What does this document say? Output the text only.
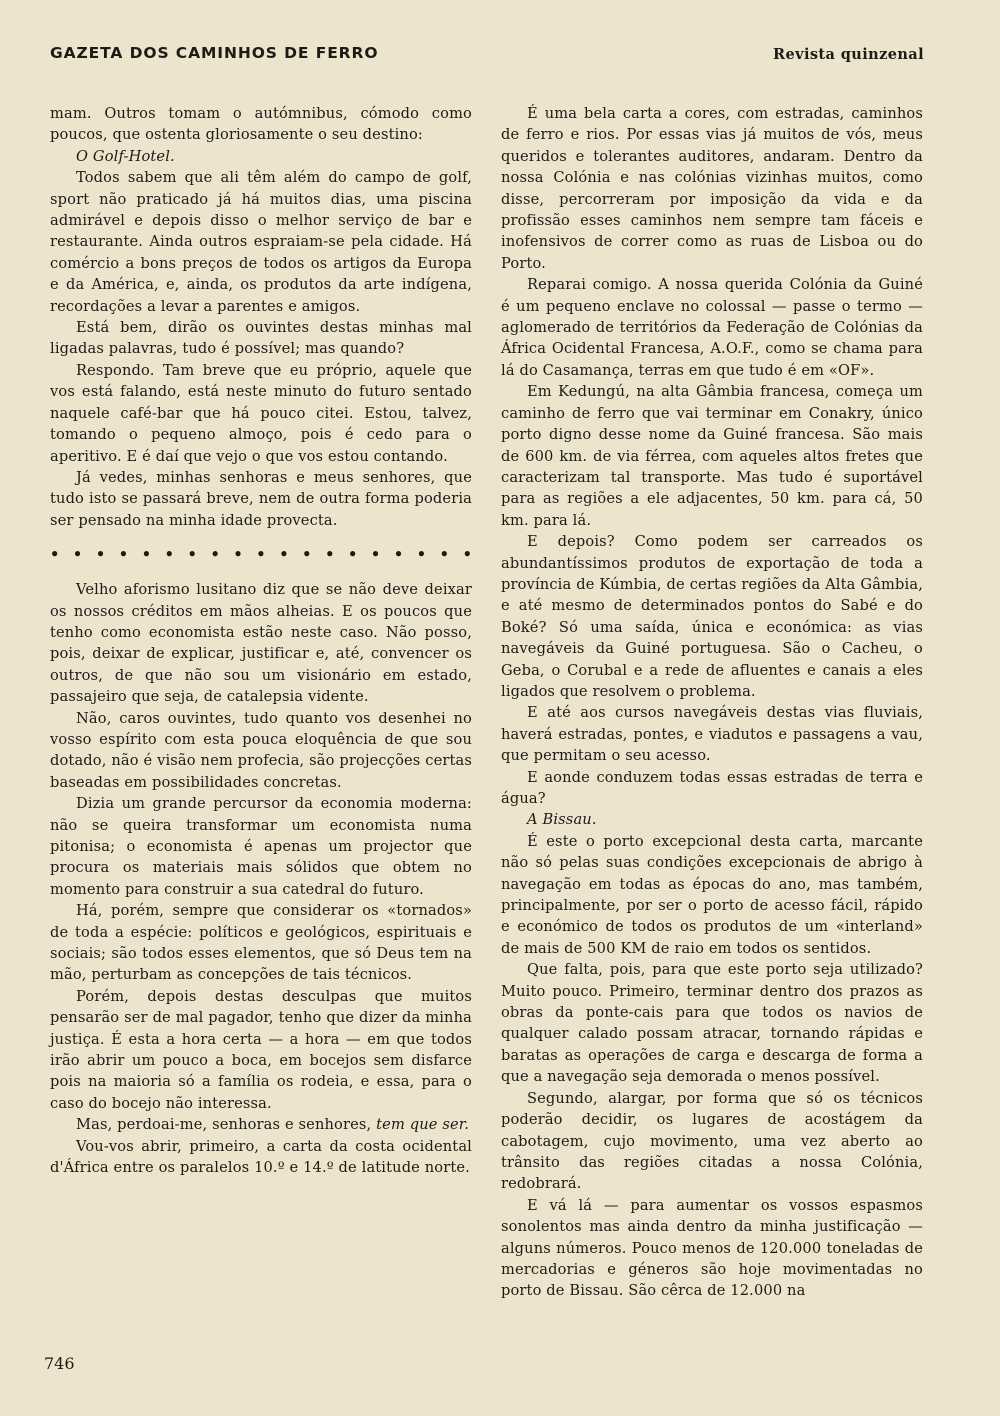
GAZETA DOS CAMINHOS DE FERRO	Revista quinzenal

mam. Outros tomam o autómnibus, cómodo como poucos, que ostenta gloriosamente o seu destino:

O Golf-Hotel.

Todos sabem que ali têm além do campo de golf, sport não praticado já há muitos dias, uma piscina admirável e depois disso o melhor serviço de bar e restaurante. Ainda outros espraiam-se pela cidade. Há comércio a bons preços de todos os artigos da Europa e da América, e, ainda, os produtos da arte indígena, recordações a levar a parentes e amigos.

Está bem, dirão os ouvintes destas minhas mal ligadas palavras, tudo é possível; mas quando?

Respondo. Tam breve que eu próprio, aquele que vos está falando, está neste minuto do futuro sentado naquele café-bar que há pouco citei. Estou, talvez, tomando o pequeno almoço, pois é cedo para o aperitivo. E é daí que vejo o que vos estou contando.

Já vedes, minhas senhoras e meus senhores, que tudo isto se passará breve, nem de outra forma poderia ser pensado na minha idade provecta.

• • • • • • • • • • • • • • • • • • •

Velho aforismo lusitano diz que se não deve deixar os nossos créditos em mãos alheias. E os poucos que tenho como economista estão neste caso. Não posso, pois, deixar de explicar, justificar e, até, convencer os outros, de que não sou um visionário em estado, passajeiro que seja, de catalepsia vidente.

Não, caros ouvintes, tudo quanto vos desenhei no vosso espírito com esta pouca eloquência de que sou dotado, não é visão nem profecia, são projecções certas baseadas em possibilidades concretas.

Dizia um grande percursor da economia moderna: não se queira transformar um economista numa pitonisa; o economista é apenas um projector que procura os materiais mais sólidos que obtem no momento para construir a sua catedral do futuro.

Há, porém, sempre que considerar os «tornados» de toda a espécie: políticos e geológicos, espirituais e sociais; são todos esses elementos, que só Deus tem na mão, perturbam as concepções de tais técnicos.

Porém, depois destas desculpas que muitos pensarão ser de mal pagador, tenho que dizer da minha justiça. É esta a hora certa — a hora — em que todos irão abrir um pouco a boca, em bocejos sem disfarce pois na maioria só a família os rodeia, e essa, para o caso do bocejo não interessa.

Mas, perdoai-me, senhoras e senhores, tem que ser.

Vou-vos abrir, primeiro, a carta da costa ocidental d'África entre os paralelos 10.º e 14.º de latitude norte.

É uma bela carta a cores, com estradas, caminhos de ferro e rios. Por essas vias já muitos de vós, meus queridos e tolerantes auditores, andaram. Dentro da nossa Colónia e nas colónias vizinhas muitos, como disse, percorreram por imposição da vida e da profissão esses caminhos nem sempre tam fáceis e inofensivos de correr como as ruas de Lisboa ou do Porto.

Reparai comigo. A nossa querida Colónia da Guiné é um pequeno enclave no colossal — passe o termo — aglomerado de territórios da Federação de Colónias da África Ocidental Francesa, A.O.F., como se chama para lá do Casamança, terras em que tudo é em «OF».

Em Kedungú, na alta Gâmbia francesa, começa um caminho de ferro que vai terminar em Conakry, único porto digno desse nome da Guiné francesa. São mais de 600 km. de via férrea, com aqueles altos fretes que caracterizam tal transporte. Mas tudo é suportável para as regiões a ele adjacentes, 50 km. para cá, 50 km. para lá.

E depois? Como podem ser carreados os abundantíssimos produtos de exportação de toda a província de Kúmbia, de certas regiões da Alta Gâmbia, e até mesmo de determinados pontos do Sabé e do Boké? Só uma saída, única e económica: as vias navegáveis da Guiné portuguesa. São o Cacheu, o Geba, o Corubal e a rede de afluentes e canais a eles ligados que resolvem o problema.

E até aos cursos navegáveis destas vias fluviais, haverá estradas, pontes, e viadutos e passagens a vau, que permitam o seu acesso.

E aonde conduzem todas essas estradas de terra e água?

A Bissau.

É este o porto excepcional desta carta, marcante não só pelas suas condições excepcionais de abrigo à navegação em todas as épocas do ano, mas também, principalmente, por ser o porto de acesso fácil, rápido e económico de todos os produtos de um «interland» de mais de 500 KM de raio em todos os sentidos.

Que falta, pois, para que este porto seja utilizado? Muito pouco. Primeiro, terminar dentro dos prazos as obras da ponte-cais para que todos os navios de qualquer calado possam atracar, tornando rápidas e baratas as operações de carga e descarga de forma a que a navegação seja demorada o menos possível.

Segundo, alargar, por forma que só os técnicos poderão decidir, os lugares de acostágem da cabotagem, cujo movimento, uma vez aberto ao trânsito das regiões citadas a nossa Colónia, redobrará.

E vá lá — para aumentar os vossos espasmos sonolentos mas ainda dentro da minha justificação — alguns números. Pouco menos de 120.000 toneladas de mercadorias e géneros são hoje movimentadas no porto de Bissau. São cêrca de 12.000 na

746
